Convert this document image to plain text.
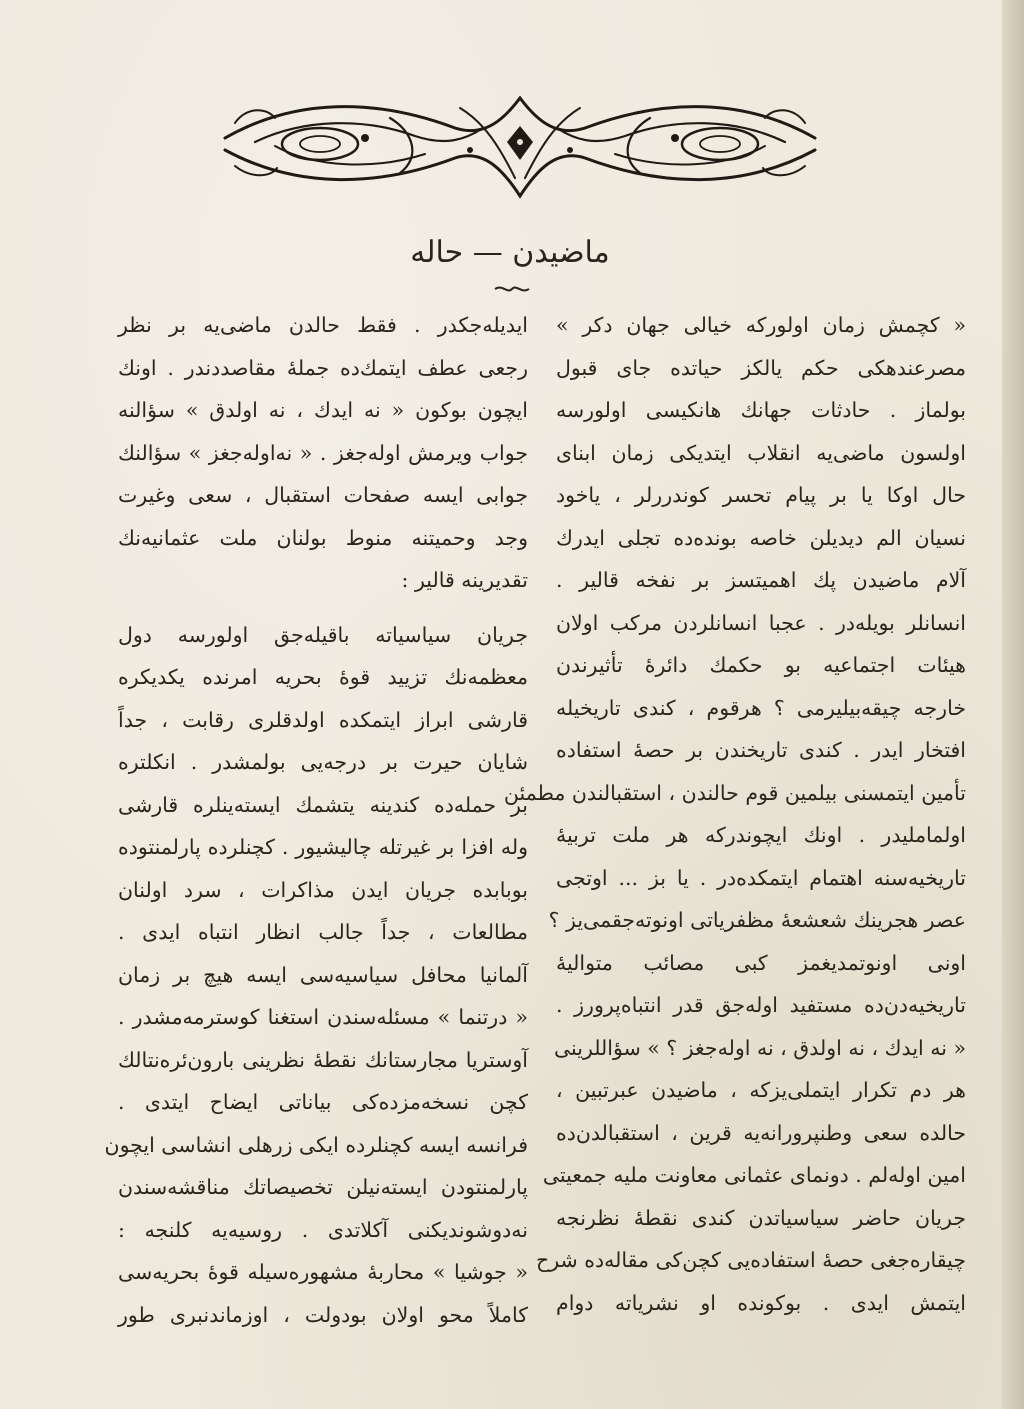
ماضیدن — حاله
« کچمش زمان اولورکه خیالی جهان دکر »
مصرعندهکی حکم یالکز حیاتده جای قبول
بولماز . حادثات جهانك هانکیسی اولورسه
اولسون ماضی‌یه انقلاب ایتدیکی زمان ابنای
حال اوکا یا بر پیام تحسر کوندررلر ، یاخود
نسیان الم دیدیلن خاصه بونده‌ده تجلی ایدرك
آلام ماضیدن پك اهمیتسز بر نفخه قالیر .
انسانلر بویله‌در . عجبا انسانلردن مرکب اولان
هیئات اجتماعیه بو حکمك دائرهٔ تأثیرندن
خارجه چیقه‌بیلیرمی ؟ هرقوم ، کندی تاریخیله
افتخار ایدر . کندی تاریخندن بر حصهٔ استفاده
تأمین ایتمسنی بیلمین قوم حالندن ، استقبالندن مطمئن
اولمامليدر . اونك ایچوندرکه هر ملت تربیهٔ
تاریخیه‌سنه اهتمام ایتمکده‌در . یا بز ... اوتجی
عصر هجرینك شعشعهٔ مظفریاتی اونوته‌جقمی‌یز ؟
اونی اونوتمدیغمز کبی مصائب متوالیهٔ
تاریخیه‌دن‌ده مستفید اوله‌جق قدر انتباه‌پرورز .
« نه ایدك ، نه اولدق ، نه اوله‌جغز ؟ » سؤاللرینی
هر دم تکرار ایتملی‌یزکه ، ماضیدن عبرتبین ،
حالده سعی وطنپرورانه‌یه قرین ، استقبالدن‌ده
امین اوله‌لم . دونمای عثمانی معاونت ملیه جمعیتی
جریان حاضر سیاسیاتدن کندی نقطهٔ نظرنجه
چیقاره‌جغی حصهٔ استفاده‌یی کچن‌کی مقاله‌ده شرح
ایتمش ایدی . بوکونده او نشریاته دوام
ایدیله‌جکدر . فقط حالدن ماضی‌یه بر نظر
رجعی عطف ایتمك‌ده جملهٔ مقاصددندر . اونك
ایچون بوکون « نه ایدك ، نه اولدق » سؤالنه
جواب ویرمش اوله‌جغز . « نه‌اوله‌جغز » سؤالنك
جوابی ایسه صفحات استقبال ، سعی وغیرت
وجد وحمیتنه منوط بولنان ملت عثمانیه‌نك
تقدیرینه قالیر :
جریان سیاسیاته باقیله‌جق اولورسه دول
معظمه‌نك تزیید قوهٔ بحریه امرنده یکدیکره
قارشی ابراز ایتمکده اولدقلری رقابت ، جداً
شایان حیرت بر درجه‌یی بولمشدر . انکلتره
بر حمله‌ده کندینه یتشمك ایسته‌ینلره قارشی
وله افزا بر غیرتله چالیشیور . کچنلرده پارلمنتوده
بوبابده جریان ایدن مذاکرات ، سرد اولنان
مطالعات ، جداً جالب انظار انتباه ایدی .
آلمانیا محافل سیاسیه‌سی ایسه هیچ بر زمان
« درتنما » مسئله‌سندن استغنا کوسترمه‌مشدر .
آوستریا مجارستانك نقطهٔ نظرینی بارون‌ئره‌نتالك
کچن نسخه‌مزده‌کی بیاناتی ایضاح ایتدی .
فرانسه ایسه کچنلرده ایکی زرهلی انشاسی ایچون
پارلمنتودن ایسته‌نیلن تخصیصاتك مناقشه‌سندن
نه‌دوشوندیکنی آکلاتدی . روسیه‌یه کلنجه :
« جوشیا » محاربهٔ مشهوره‌سیله قوهٔ بحریه‌سی
کاملاً محو اولان بودولت ، اوزماندنبری طور
